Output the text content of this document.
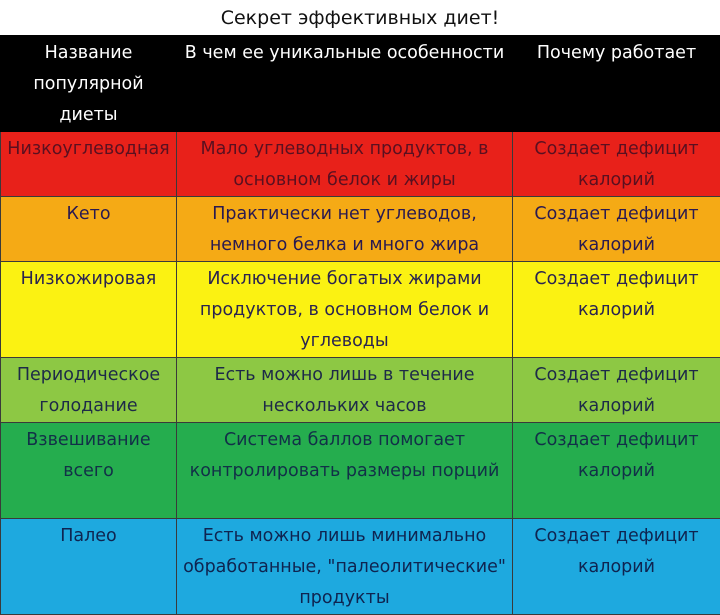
Секрет эффективных диет!
Название популярной диеты	В чем ее уникальные особенности	Почему работает
Низкоуглеводная	Мало углеводных продуктов, в основном белок и жиры	Создает дефицит калорий
Кето	Практически нет углеводов, немного белка и много жира	Создает дефицит калорий
Низкожировая	Исключение богатых жирами продуктов, в основном белок и углеводы	Создает дефицит калорий
Периодическое голодание	Есть можно лишь в течение нескольких часов	Создает дефицит калорий
Взвешивание всего	Система баллов помогает контролировать размеры порций	Создает дефицит калорий
Палео	Есть можно лишь минимально обработанные, "палеолитические" продукты	Создает дефицит калорий
